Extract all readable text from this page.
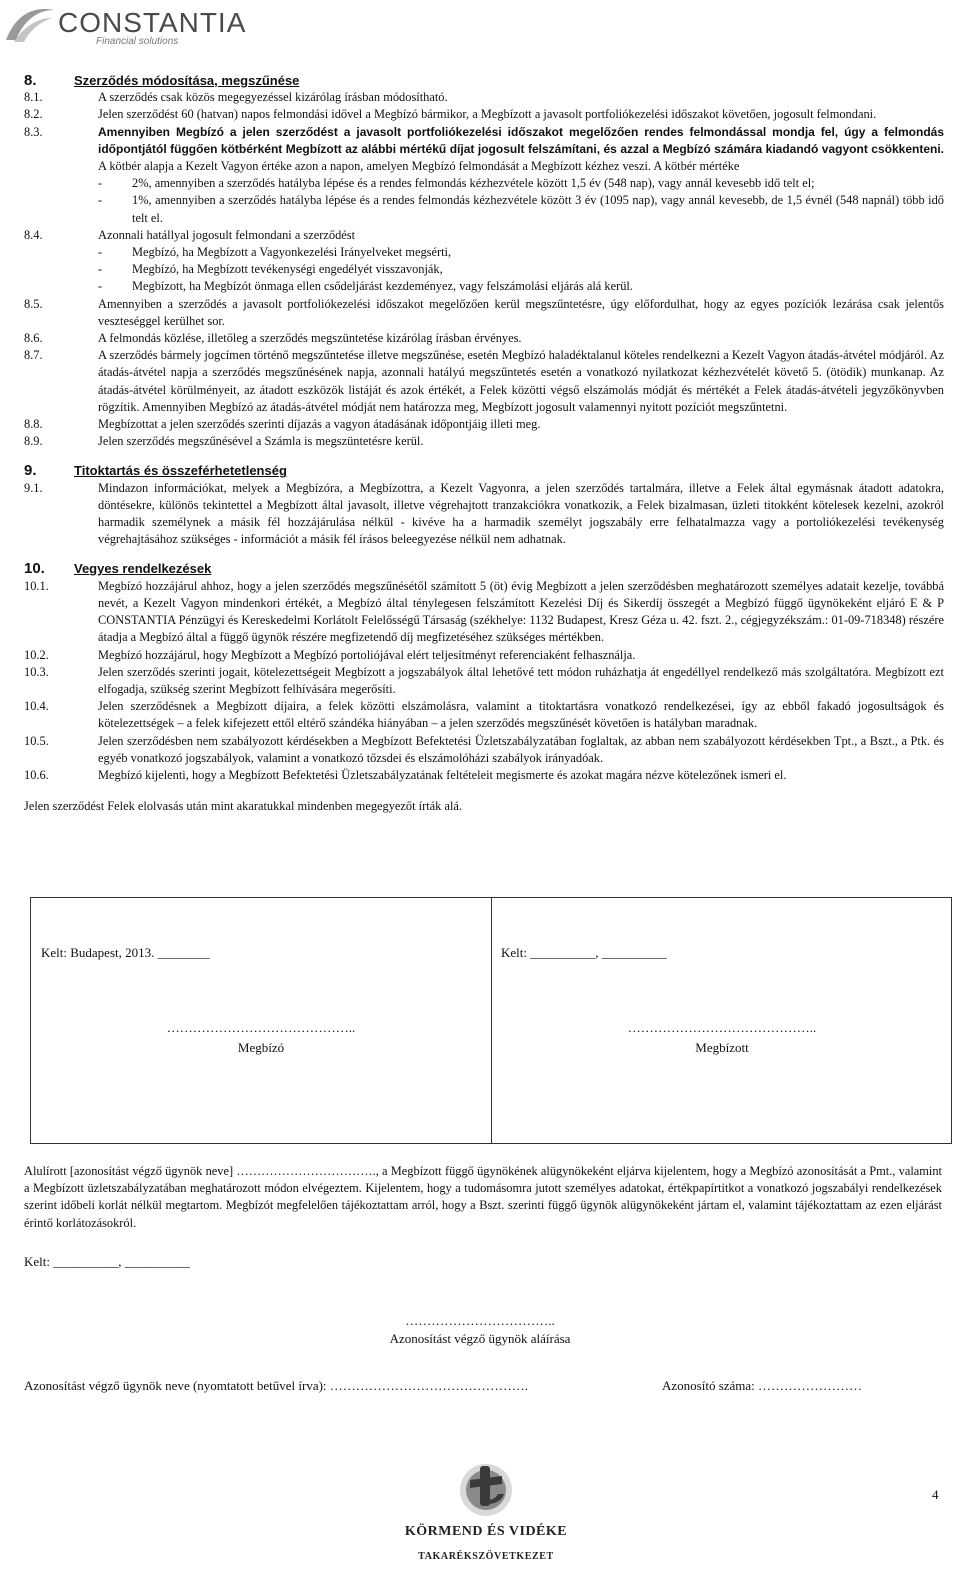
CONSTANTIA
Financial solutions
8.	Szerződés módosítása, megszűnése
8.1.	A szerződés csak közös megegyezéssel kizárólag írásban módosítható.
8.2.	Jelen szerződést 60 (hatvan) napos felmondási idővel a Megbízó bármikor, a Megbízott a javasolt portfoliókezelési időszakot követően, jogosult felmondani.
8.3.	Amennyiben Megbízó a jelen szerződést a javasolt portfoliókezelési időszakot megelőzően rendes felmondással mondja fel, úgy a felmondás időpontjától függően kötbérként Megbízott az alábbi mértékű díjat jogosult felszámítani, és azzal a Megbízó számára kiadandó vagyont csökkenteni. A kötbér alapja a Kezelt Vagyon értéke azon a napon, amelyen Megbízó felmondását a Megbízott kézhez veszi. A kötbér mértéke
-	2%, amennyiben a szerződés hatályba lépése és a rendes felmondás kézhezvétele között 1,5 év (548 nap), vagy annál kevesebb idő telt el;
-	1%, amennyiben a szerződés hatályba lépése és a rendes felmondás kézhezvétele között 3 év (1095 nap), vagy annál kevesebb, de 1,5 évnél (548 napnál) több idő telt el.
8.4.	Azonnali hatállyal jogosult felmondani a szerződést
-	Megbízó, ha Megbízott a Vagyonkezelési Irányelveket megsérti,
-	Megbízó, ha Megbízott tevékenységi engedélyét visszavonják,
-	Megbízott, ha Megbízót önmaga ellen csődeljárást kezdeményez, vagy felszámolási eljárás alá kerül.
8.5.	Amennyiben a szerződés a javasolt portfoliókezelési időszakot megelőzően kerül megszűntetésre, úgy előfordulhat, hogy az egyes pozíciók lezárása csak jelentős veszteséggel kerülhet sor.
8.6.	A felmondás közlése, illetőleg a szerződés megszüntetése kizárólag írásban érvényes.
8.7.	A szerződés bármely jogcímen történő megszűntetése illetve megszűnése, esetén Megbízó haladéktalanul köteles rendelkezni a Kezelt Vagyon átadás-átvétel módjáról. Az átadás-átvétel napja a szerződés megszűnésének napja, azonnali hatályú megszűntetés esetén a vonatkozó nyilatkozat kézhezvételét követő 5. (ötödik) munkanap. Az átadás-átvétel körülményeit, az átadott eszközök listáját és azok értékét, a Felek közötti végső elszámolás módját és mértékét a Felek átadás-átvételi jegyzőkönyvben rögzítik. Amennyiben Megbízó az átadás-átvétel módját nem határozza meg, Megbízott jogosult valamennyi nyitott pozíciót megszűntetni.
8.8.	Megbízottat a jelen szerződés szerinti díjazás a vagyon átadásának időpontjáig illeti meg.
8.9.	Jelen szerződés megszűnésével a Számla is megszüntetésre kerül.
9.	Titoktartás és összeférhetetlenség
9.1.	Mindazon információkat, melyek a Megbízóra, a Megbízottra, a Kezelt Vagyonra, a jelen szerződés tartalmára, illetve a Felek által egymásnak átadott adatokra, döntésekre, különös tekintettel a Megbízott által javasolt, illetve végrehajtott tranzakciókra vonatkozik, a Felek bizalmasan, üzleti titokként kötelesek kezelni, azokról harmadik személynek a másik fél hozzájárulása nélkül - kivéve ha a harmadik személyt jogszabály erre felhatalmazza vagy a portoliókezelési tevékenység végrehajtásához szükséges - információt a másik fél írásos beleegyezése nélkül nem adhatnak.
10.	Vegyes rendelkezések
10.1.	Megbízó hozzájárul ahhoz, hogy a jelen szerződés megszűnésétől számított 5 (öt) évig Megbízott a jelen szerződésben meghatározott személyes adatait kezelje, továbbá nevét, a Kezelt Vagyon mindenkori értékét, a Megbízó által ténylegesen felszámított Kezelési Díj és Sikerdíj összegét a Megbízó függő ügynökeként eljáró E & P CONSTANTIA Pénzügyi és Kereskedelmi Korlátolt Felelősségű Társaság (székhelye: 1132 Budapest, Kresz Géza u. 42. fszt. 2., cégjegyzékszám.: 01-09-718348) részére átadja a Megbízó által a függő ügynök részére megfizetendő díj megfizetéséhez szükséges mértékben.
10.2.	Megbízó hozzájárul, hogy Megbízott a Megbízó portoliójával elért teljesítményt referenciaként felhasználja.
10.3.	Jelen szerződés szerinti jogait, kötelezettségeit Megbízott a jogszabályok által lehetővé tett módon ruházhatja át engedéllyel rendelkező más szolgáltatóra. Megbízott ezt elfogadja, szükség szerint Megbízott felhívására megerősíti.
10.4.	Jelen szerződésnek a Megbízott díjaira, a felek közötti elszámolásra, valamint a titoktartásra vonatkozó rendelkezései, így az ebből fakadó jogosultságok és kötelezettségek – a felek kifejezett ettől eltérő szándéka hiányában – a jelen szerződés megszűnését követően is hatályban maradnak.
10.5.	Jelen szerződésben nem szabályozott kérdésekben a Megbízott Befektetési Üzletszabályzatában foglaltak, az abban nem szabályozott kérdésekben Tpt., a Bszt., a Ptk. és egyéb vonatkozó jogszabályok, valamint a vonatkozó tőzsdei és elszámolóházi szabályok irányadóak.
10.6.	Megbízó kijelenti, hogy a Megbízott Befektetési Üzletszabályzatának feltételeit megismerte és azokat magára nézve kötelezőnek ismeri el.
Jelen szerződést Felek elolvasás után mint akaratukkal mindenben megegyezőt írták alá.
Kelt: Budapest, 2013. ________	Kelt: __________, __________
……………………………………..	……………………………………..
Megbízó	Megbízott
Alulírott [azonosítást végző ügynök neve] ……………………………., a Megbízott függő ügynökének alügynökeként eljárva kijelentem, hogy a Megbízó azonosítását a Pmt., valamint a Megbízott üzletszabályzatában meghatározott módon elvégeztem. Kijelentem, hogy a tudomásomra jutott személyes adatokat, értékpapírtitkot a vonatkozó jogszabályi rendelkezések szerint időbeli korlát nélkül megtartom. Megbízót megfelelően tájékoztattam arról, hogy a Bszt. szerinti függő ügynök alügynökeként jártam el, valamint tájékoztattam az ezen eljárást érintő korlátozásokról.
Kelt: __________, __________
……………………………..
Azonosítást végző ügynök aláírása
Azonosítást végző ügynök neve (nyomtatott betűvel írva): ……………………………………….	Azonosító száma: ……………………
KÖRMEND ÉS VIDÉKE
TAKARÉKSZÖVETKEZET
4
